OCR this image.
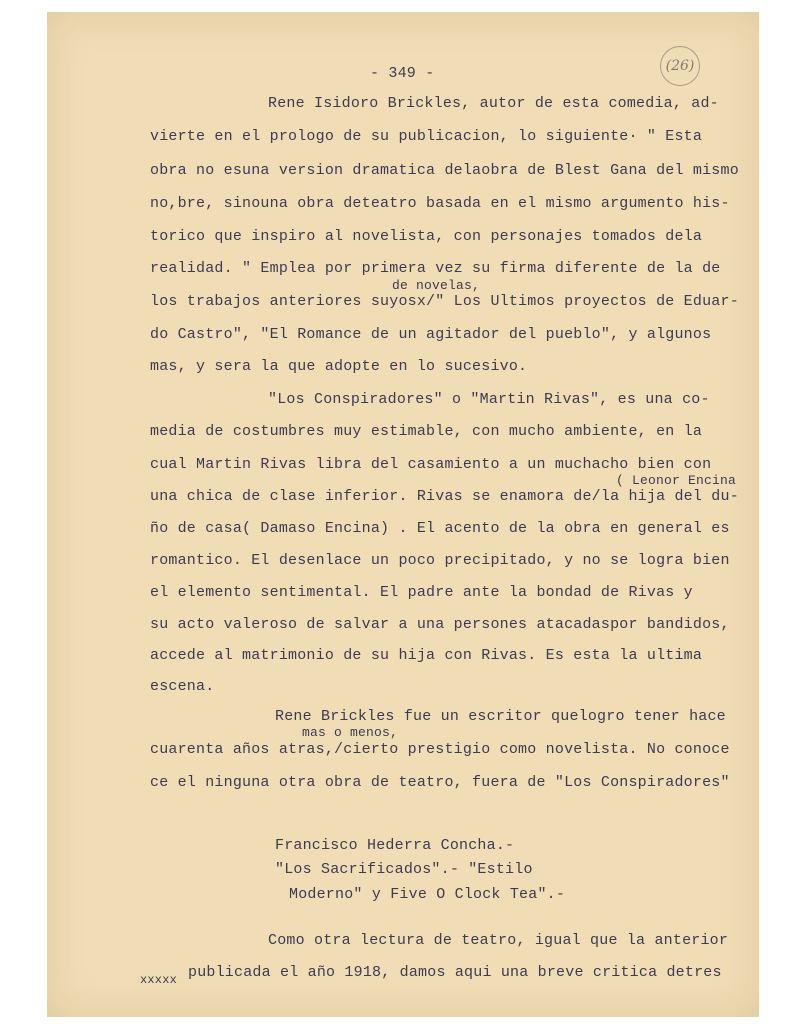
- 349 -	(26)
Rene Isidoro Brickles, autor de esta comedia, ad-
vierte en el prologo de su publicacion, lo siguiente· " Esta
obra no esuna version dramatica delaobra de Blest Gana del mismo
no,bre, sinouna obra deteatro basada en el mismo argumento his-
torico que inspiro al novelista, con personajes tomados dela
realidad. " Emplea por primera vez su firma diferente de la de
de novelas,
los trabajos anteriores suyosx/" Los Ultimos proyectos de Eduar-
do Castro", "El Romance de un agitador del pueblo", y algunos
mas, y sera la que adopte en lo sucesivo.
"Los Conspiradores" o "Martin Rivas", es una co-
media de costumbres muy estimable, con mucho ambiente, en la
cual Martin Rivas libra del casamiento a un muchacho bien con
una chica de clase inferior. Rivas se enamora de/la hija del du-
( Leonor Encina
ño de casa( Damaso Encina) . El acento de la obra en general es
romantico. El desenlace un poco precipitado, y no se logra bien
el elemento sentimental. El padre ante la bondad de Rivas y
su acto valeroso de salvar a una persones atacadaspor bandidos,
accede al matrimonio de su hija con Rivas. Es esta la ultima
escena.
Rene Brickles fue un escritor quelogro tener hace
mas o menos,
cuarenta años atras,/cierto prestigio como novelista. No conoce
ce el ninguna otra obra de teatro, fuera de "Los Conspiradores"
Francisco Hederra Concha.-
"Los Sacrificados".- "Estilo
Moderno" y Five O Clock Tea".-
Como otra lectura de teatro, igual que la anterior
publicada el año 1918, damos aqui una breve critica detres
xxxxx
